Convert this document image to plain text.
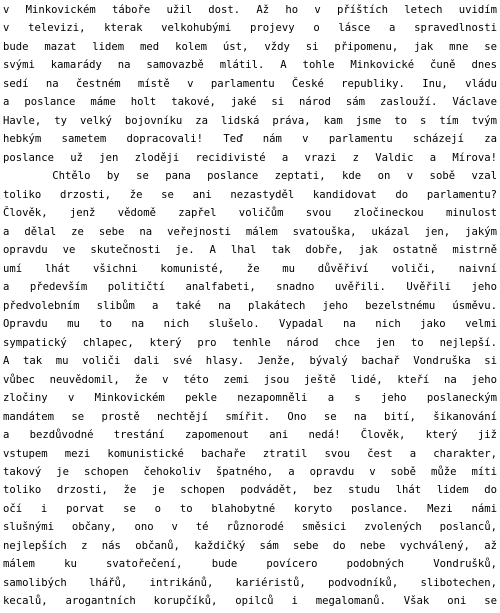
v Minkovickém táboře užil dost. Až ho v příštích letech uvidím

v televizi, kterak velkohubými projevy o lásce a spravedlnosti

bude mazat lidem med kolem úst, vždy si připomenu, jak mne se

svými kamarády na samovazbě mlátil. A tohle Minkovické čuně dnes

sedí na čestném místě v parlamentu České republiky. Inu, vládu

a poslance máme holt takové, jaké si národ sám zaslouží. Václave

Havle, ty velký bojovníku za lidská práva, kam jsme to s tím tvým

hebkým sametem dopracovali! Teď nám v parlamentu scházejí za

poslance už jen zloději recidivisté a vrazi z Valdic a Mírova!

Chtělo by se pana poslance zeptati, kde on v sobě vzal

toliko drzosti, že se ani nezastyděl kandidovat do parlamentu?

Člověk, jenž vědomě zapřel voličům svou zločineckou minulost

a dělal ze sebe na veřejnosti málem svatouška, ukázal jen, jakým

opravdu ve skutečnosti je. A lhal tak dobře, jak ostatně mistrně

umí lhát všichni komunisté, že mu důvěřiví voliči, naivní

a především političtí analfabeti, snadno uvěřili. Uvěřili jeho

předvolebním slibům a také na plakátech jeho bezelstnému úsměvu.

Opravdu mu to na nich slušelo. Vypadal na nich jako velmi

sympatický chlapec, který pro tenhle národ chce jen to nejlepší.

A tak mu voliči dali své hlasy. Jenže, bývalý bachař Vondruška si

vůbec neuvědomil, že v této zemi jsou ještě lidé, kteří na jeho

zločiny v Minkovickém pekle nezapomněli a s jeho poslaneckým

mandátem se prostě nechtějí smířit. Ono se na bití, šikanování

a bezdůvodné trestání zapomenout ani nedá! Člověk, který již

vstupem mezi komunistické bachaře ztratil svou čest a charakter,

takový je schopen čehokoliv špatného, a opravdu v sobě může míti

toliko drzosti, že je schopen podvádět, bez studu lhát lidem do

očí i porvat se o to blahobytné koryto poslance. Mezi námi

slušnými občany, ono v té různorodé směsici zvolených poslanců,

nejlepších z nás občanů, každičký sám sebe do nebe vychválený, až

málem ku svatořečení, bude povícero podobných Vondrušků,

samolibých lhářů, intrikánů, kariéristů, podvodníků, slibotechen,

kecalů, arogantních korupčíků, opilců i megalomanů. Však oni se
